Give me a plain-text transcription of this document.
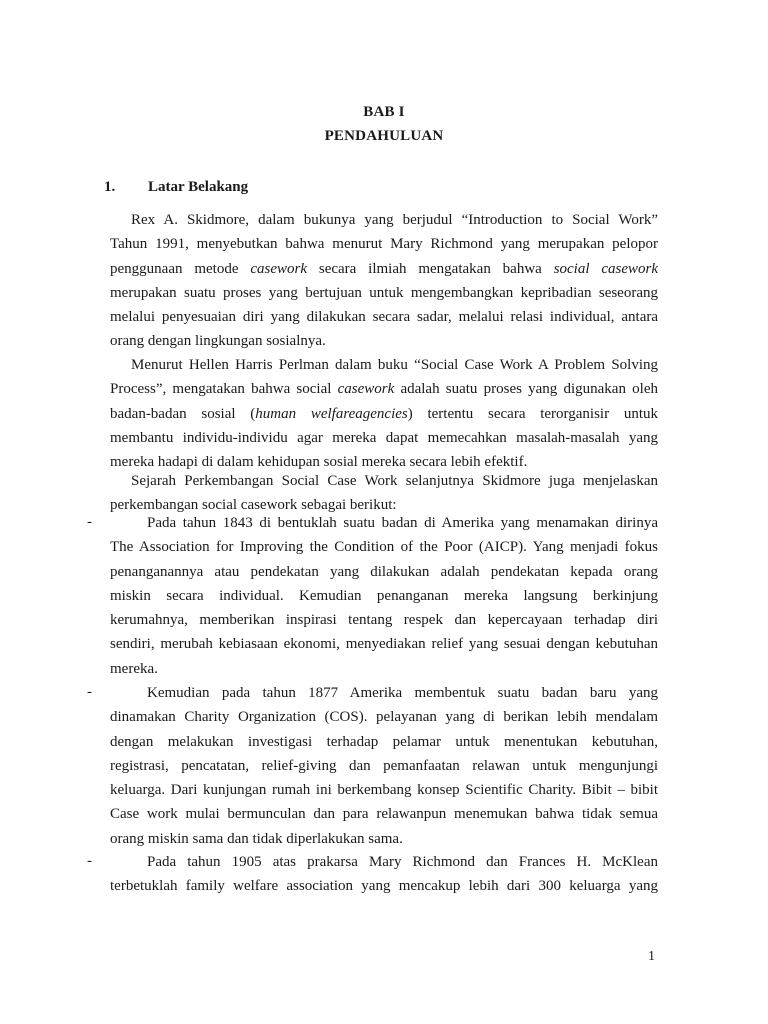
BAB I
PENDAHULUAN
1. Latar Belakang
Rex A. Skidmore, dalam bukunya yang berjudul “Introduction to Social Work”
Tahun 1991, menyebutkan bahwa menurut Mary Richmond yang merupakan pelopor
penggunaan metode casework secara ilmiah mengatakan bahwa social casework
merupakan suatu proses yang bertujuan untuk mengembangkan kepribadian seseorang
melalui penyesuaian diri yang dilakukan secara sadar, melalui relasi individual, antara
orang dengan lingkungan sosialnya.
Menurut Hellen Harris Perlman dalam buku “Social Case Work A Problem Solving
Process”, mengatakan bahwa social casework adalah suatu proses yang digunakan oleh
badan-badan sosial (human welfareagencies) tertentu secara terorganisir untuk
membantu individu-individu agar mereka dapat memecahkan masalah-masalah yang
mereka hadapi di dalam kehidupan sosial mereka secara lebih efektif.
Sejarah Perkembangan Social Case Work selanjutnya Skidmore juga menjelaskan
perkembangan social casework sebagai berikut:
-	Pada tahun 1843 di bentuklah suatu badan di Amerika yang menamakan dirinya
The Association for Improving the Condition of the Poor (AICP). Yang menjadi fokus
penanganannya atau pendekatan yang dilakukan adalah pendekatan kepada orang
miskin secara individual. Kemudian penanganan mereka langsung berkinjung
kerumahnya, memberikan inspirasi tentang respek dan kepercayaan terhadap diri
sendiri, merubah kebiasaan ekonomi, menyediakan relief yang sesuai dengan kebutuhan
mereka.
-	Kemudian pada tahun 1877 Amerika membentuk suatu badan baru yang
dinamakan Charity Organization (COS). pelayanan yang di berikan lebih mendalam
dengan melakukan investigasi terhadap pelamar untuk menentukan kebutuhan,
registrasi, pencatatan, relief-giving dan pemanfaatan relawan untuk mengunjungi
keluarga. Dari kunjungan rumah ini berkembang konsep Scientific Charity. Bibit – bibit
Case work mulai bermunculan dan para relawanpun menemukan bahwa tidak semua
orang miskin sama dan tidak diperlakukan sama.
-	Pada tahun 1905 atas prakarsa Mary Richmond dan Frances H. McKlean
terbetuklah family welfare association yang mencakup lebih dari 300 keluarga yang
1
